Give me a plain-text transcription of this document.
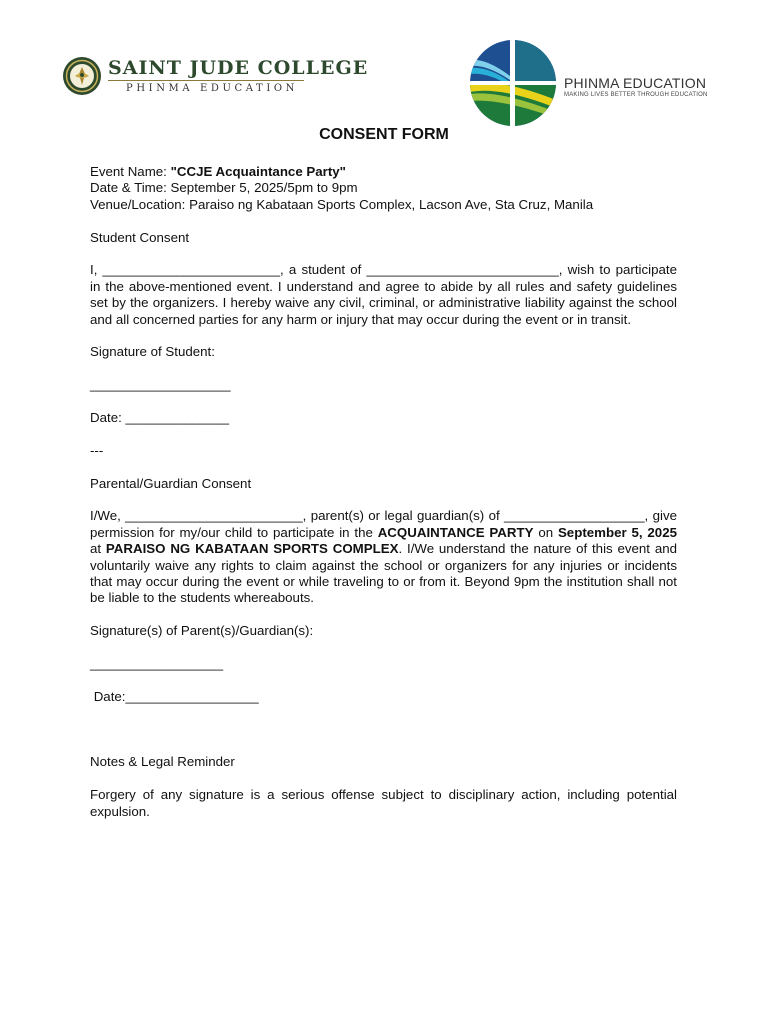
SAINT JUDE COLLEGE
PHINMA EDUCATION	PHINMA EDUCATION
MAKING LIVES BETTER THROUGH EDUCATION
CONSENT FORM

Event Name: "CCJE Acquaintance Party"

Date & Time: September 5, 2025/5pm to 9pm

Venue/Location: Paraiso ng Kabataan Sports Complex, Lacson Ave, Sta Cruz, Manila

Student Consent

I, ________________________, a student of __________________________, wish to participate in the above-mentioned event. I understand and agree to abide by all rules and safety guidelines set by the organizers. I hereby waive any civil, criminal, or administrative liability against the school and all concerned parties for any harm or injury that may occur during the event or in transit.

Signature of Student:

___________________

Date: ______________

---

Parental/Guardian Consent

I/We, ________________________, parent(s) or legal guardian(s) of ___________________, give permission for my/our child to participate in the ACQUAINTANCE PARTY on September 5, 2025 at PARAISO NG KABATAAN SPORTS COMPLEX. I/We understand the nature of this event and voluntarily waive any rights to claim against the school or organizers for any injuries or incidents that may occur during the event or while traveling to or from it. Beyond 9pm the institution shall not be liable to the students whereabouts.

Signature(s) of Parent(s)/Guardian(s):

__________________

Date:__________________

Notes & Legal Reminder

Forgery of any signature is a serious offense subject to disciplinary action, including potential expulsion.
